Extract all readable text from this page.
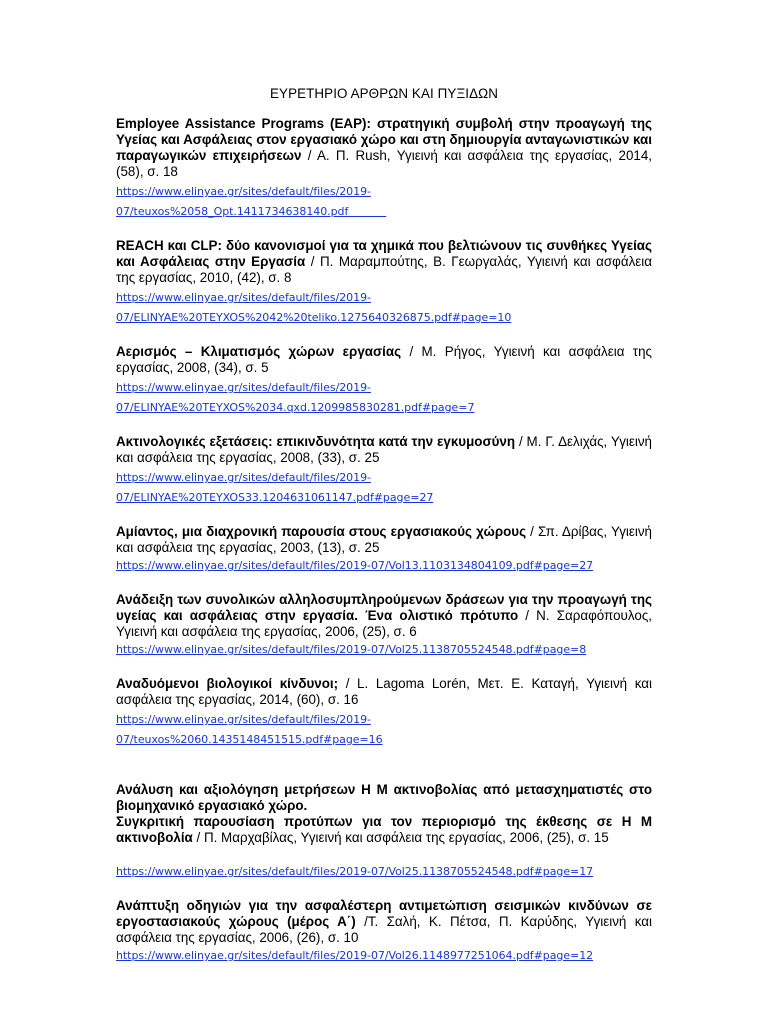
ΕΥΡΕΤΗΡΙΟ ΑΡΘΡΩΝ ΚΑΙ ΠΥΞΙΔΩΝ
Employee Assistance Programs (EAP): στρατηγική συμβολή στην προαγωγή της Υγείας και Ασφάλειας στον εργασιακό χώρο και στη δημιουργία ανταγωνιστικών και παραγωγικών επιχειρήσεων / Α. Π. Rush, Υγιεινή και ασφάλεια της εργασίας, 2014, (58), σ. 18
https://www.elinyae.gr/sites/default/files/2019-
07/teuxos%2058_Opt.1411734638140.pdf
REACH και CLP: δύο κανονισμοί για τα χημικά που βελτιώνουν τις συνθήκες Υγείας και Ασφάλειας στην Εργασία / Π. Μαραμπούτης, Β. Γεωργαλάς, Υγιεινή και ασφάλεια της εργασίας, 2010, (42), σ. 8
https://www.elinyae.gr/sites/default/files/2019-
07/ELINYAE%20TEYXOS%2042%20teliko.1275640326875.pdf#page=10
Αερισμός – Κλιματισμός χώρων εργασίας / Μ. Ρήγος, Υγιεινή και ασφάλεια της εργασίας, 2008, (34), σ. 5
https://www.elinyae.gr/sites/default/files/2019-
07/ELINYAE%20TEYXOS%2034.qxd.1209985830281.pdf#page=7
Ακτινολογικές εξετάσεις: επικινδυνότητα κατά την εγκυμοσύνη / Μ. Γ. Δελιχάς, Υγιεινή και ασφάλεια της εργασίας, 2008, (33), σ. 25
https://www.elinyae.gr/sites/default/files/2019-
07/ELINYAE%20TEYXOS33.1204631061147.pdf#page=27
Αμίαντος, μια διαχρονική παρουσία στους εργασιακούς χώρους / Σπ. Δρίβας, Υγιεινή και ασφάλεια της εργασίας, 2003, (13), σ. 25
https://www.elinyae.gr/sites/default/files/2019-07/Vol13.1103134804109.pdf#page=27
Ανάδειξη των συνολικών αλληλοσυμπληρούμενων δράσεων για την προαγωγή της υγείας και ασφάλειας στην εργασία. Ένα ολιστικό πρότυπο / Ν. Σαραφόπουλος, Υγιεινή και ασφάλεια της εργασίας, 2006, (25), σ. 6
https://www.elinyae.gr/sites/default/files/2019-07/Vol25.1138705524548.pdf#page=8
Αναδυόμενοι βιολογικοί κίνδυνοι; / L. Lagoma Lorén, Μετ. Ε. Καταγή, Υγιεινή και ασφάλεια της εργασίας, 2014, (60), σ. 16
https://www.elinyae.gr/sites/default/files/2019-
07/teuxos%2060.1435148451515.pdf#page=16

Ανάλυση και αξιολόγηση μετρήσεων Η Μ ακτινοβολίας από μετασχηματιστές στο βιομηχανικό εργασιακό χώρο.
Συγκριτική παρουσίαση προτύπων για τον περιορισμό της έκθεσης σε Η Μ ακτινοβολία / Π. Μαρχαβίλας, Υγιεινή και ασφάλεια της εργασίας, 2006, (25), σ. 15

https://www.elinyae.gr/sites/default/files/2019-07/Vol25.1138705524548.pdf#page=17
Ανάπτυξη οδηγιών για την ασφαλέστερη αντιμετώπιση σεισμικών κινδύνων σε εργοστασιακούς χώρους (μέρος Α΄) /Τ. Σαλή, Κ. Πέτσα, Π. Καρύδης, Υγιεινή και ασφάλεια της εργασίας, 2006, (26), σ. 10
https://www.elinyae.gr/sites/default/files/2019-07/Vol26.1148977251064.pdf#page=12
